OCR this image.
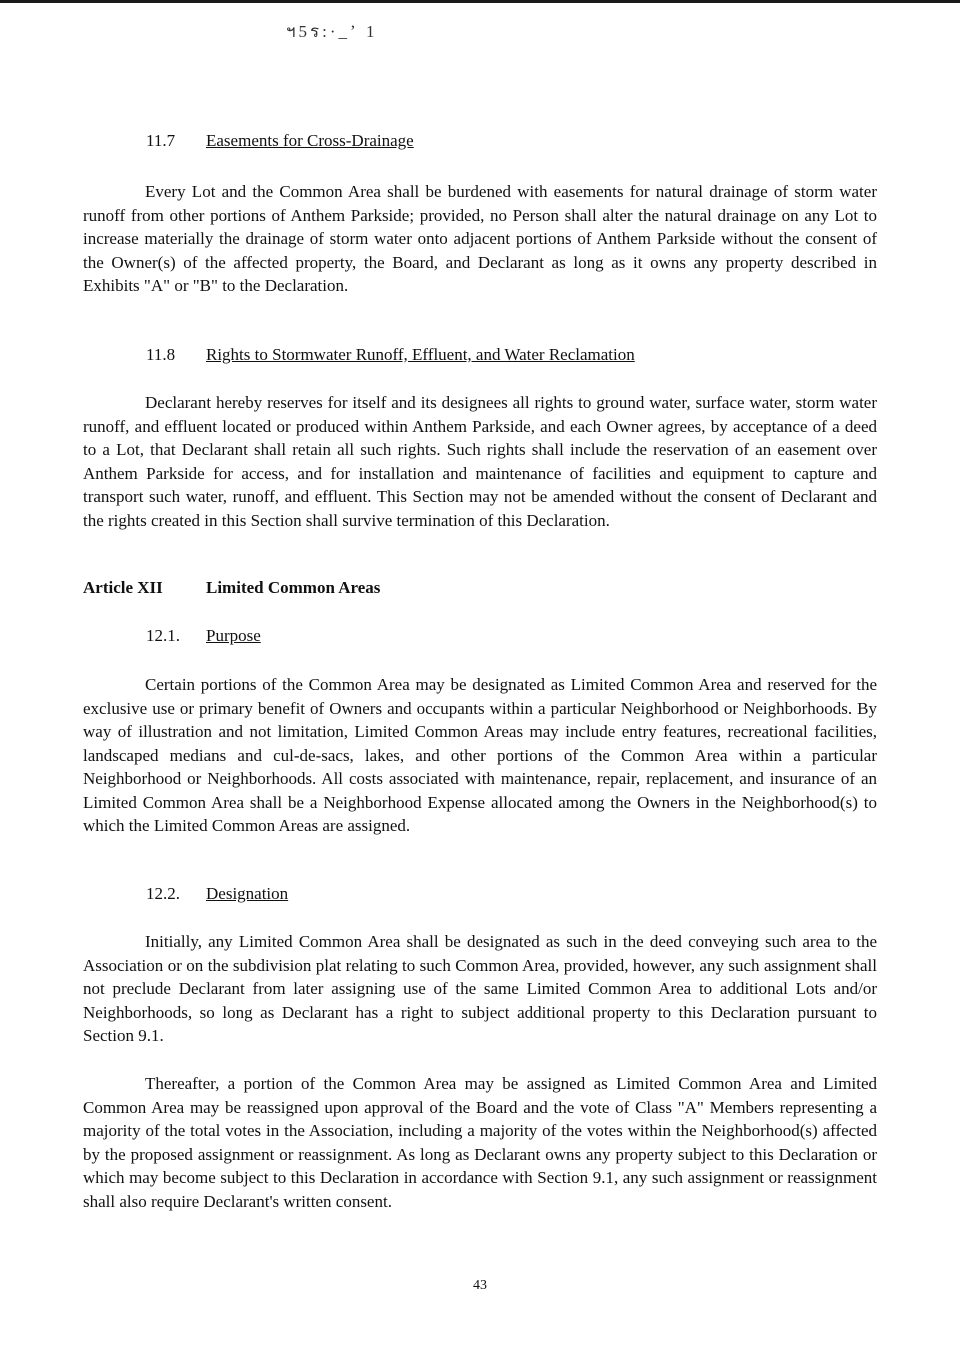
ฯ5ร:·_ʼ 1
11.7 Easements for Cross-Drainage

Every Lot and the Common Area shall be burdened with easements for natural drainage of storm water runoff from other portions of Anthem Parkside; provided, no Person shall alter the natural drainage on any Lot to increase materially the drainage of storm water onto adjacent portions of Anthem Parkside without the consent of the Owner(s) of the affected property, the Board, and Declarant as long as it owns any property described in Exhibits "A" or "B" to the Declaration.

11.8 Rights to Stormwater Runoff, Effluent, and Water Reclamation

Declarant hereby reserves for itself and its designees all rights to ground water, surface water, storm water runoff, and effluent located or produced within Anthem Parkside, and each Owner agrees, by acceptance of a deed to a Lot, that Declarant shall retain all such rights. Such rights shall include the reservation of an easement over Anthem Parkside for access, and for installation and maintenance of facilities and equipment to capture and transport such water, runoff, and effluent. This Section may not be amended without the consent of Declarant and the rights created in this Section shall survive termination of this Declaration.

Article XII	Limited Common Areas
12.1. Purpose

Certain portions of the Common Area may be designated as Limited Common Area and reserved for the exclusive use or primary benefit of Owners and occupants within a particular Neighborhood or Neighborhoods. By way of illustration and not limitation, Limited Common Areas may include entry features, recreational facilities, landscaped medians and cul-de-sacs, lakes, and other portions of the Common Area within a particular Neighborhood or Neighborhoods. All costs associated with maintenance, repair, replacement, and insurance of an Limited Common Area shall be a Neighborhood Expense allocated among the Owners in the Neighborhood(s) to which the Limited Common Areas are assigned.

12.2. Designation

Initially, any Limited Common Area shall be designated as such in the deed conveying such area to the Association or on the subdivision plat relating to such Common Area, provided, however, any such assignment shall not preclude Declarant from later assigning use of the same Limited Common Area to additional Lots and/or Neighborhoods, so long as Declarant has a right to subject additional property to this Declaration pursuant to Section 9.1.

Thereafter, a portion of the Common Area may be assigned as Limited Common Area and Limited Common Area may be reassigned upon approval of the Board and the vote of Class "A" Members representing a majority of the total votes in the Association, including a majority of the votes within the Neighborhood(s) affected by the proposed assignment or reassignment. As long as Declarant owns any property subject to this Declaration or which may become subject to this Declaration in accordance with Section 9.1, any such assignment or reassignment shall also require Declarant's written consent.

43
